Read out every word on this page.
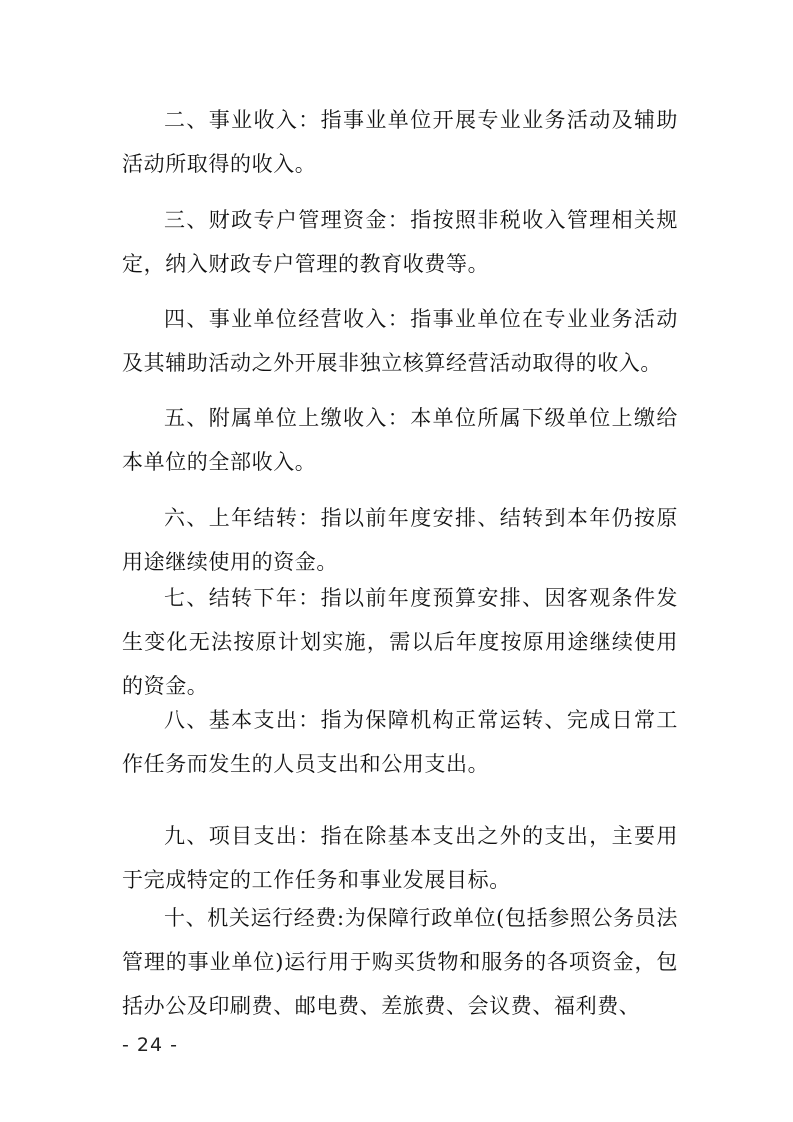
二、事业收入：指事业单位开展专业业务活动及辅助活动所取得的收入。

三、财政专户管理资金：指按照非税收入管理相关规定，纳入财政专户管理的教育收费等。

四、事业单位经营收入：指事业单位在专业业务活动及其辅助活动之外开展非独立核算经营活动取得的收入。

五、附属单位上缴收入：本单位所属下级单位上缴给本单位的全部收入。

六、上年结转：指以前年度安排、结转到本年仍按原用途继续使用的资金。

七、结转下年：指以前年度预算安排、因客观条件发生变化无法按原计划实施，需以后年度按原用途继续使用的资金。

八、基本支出：指为保障机构正常运转、完成日常工作任务而发生的人员支出和公用支出。

九、项目支出：指在除基本支出之外的支出，主要用于完成特定的工作任务和事业发展目标。

十、机关运行经费:为保障行政单位(包括参照公务员法管理的事业单位)运行用于购买货物和服务的各项资金，包括办公及印刷费、邮电费、差旅费、会议费、福利费、

- 24 -
